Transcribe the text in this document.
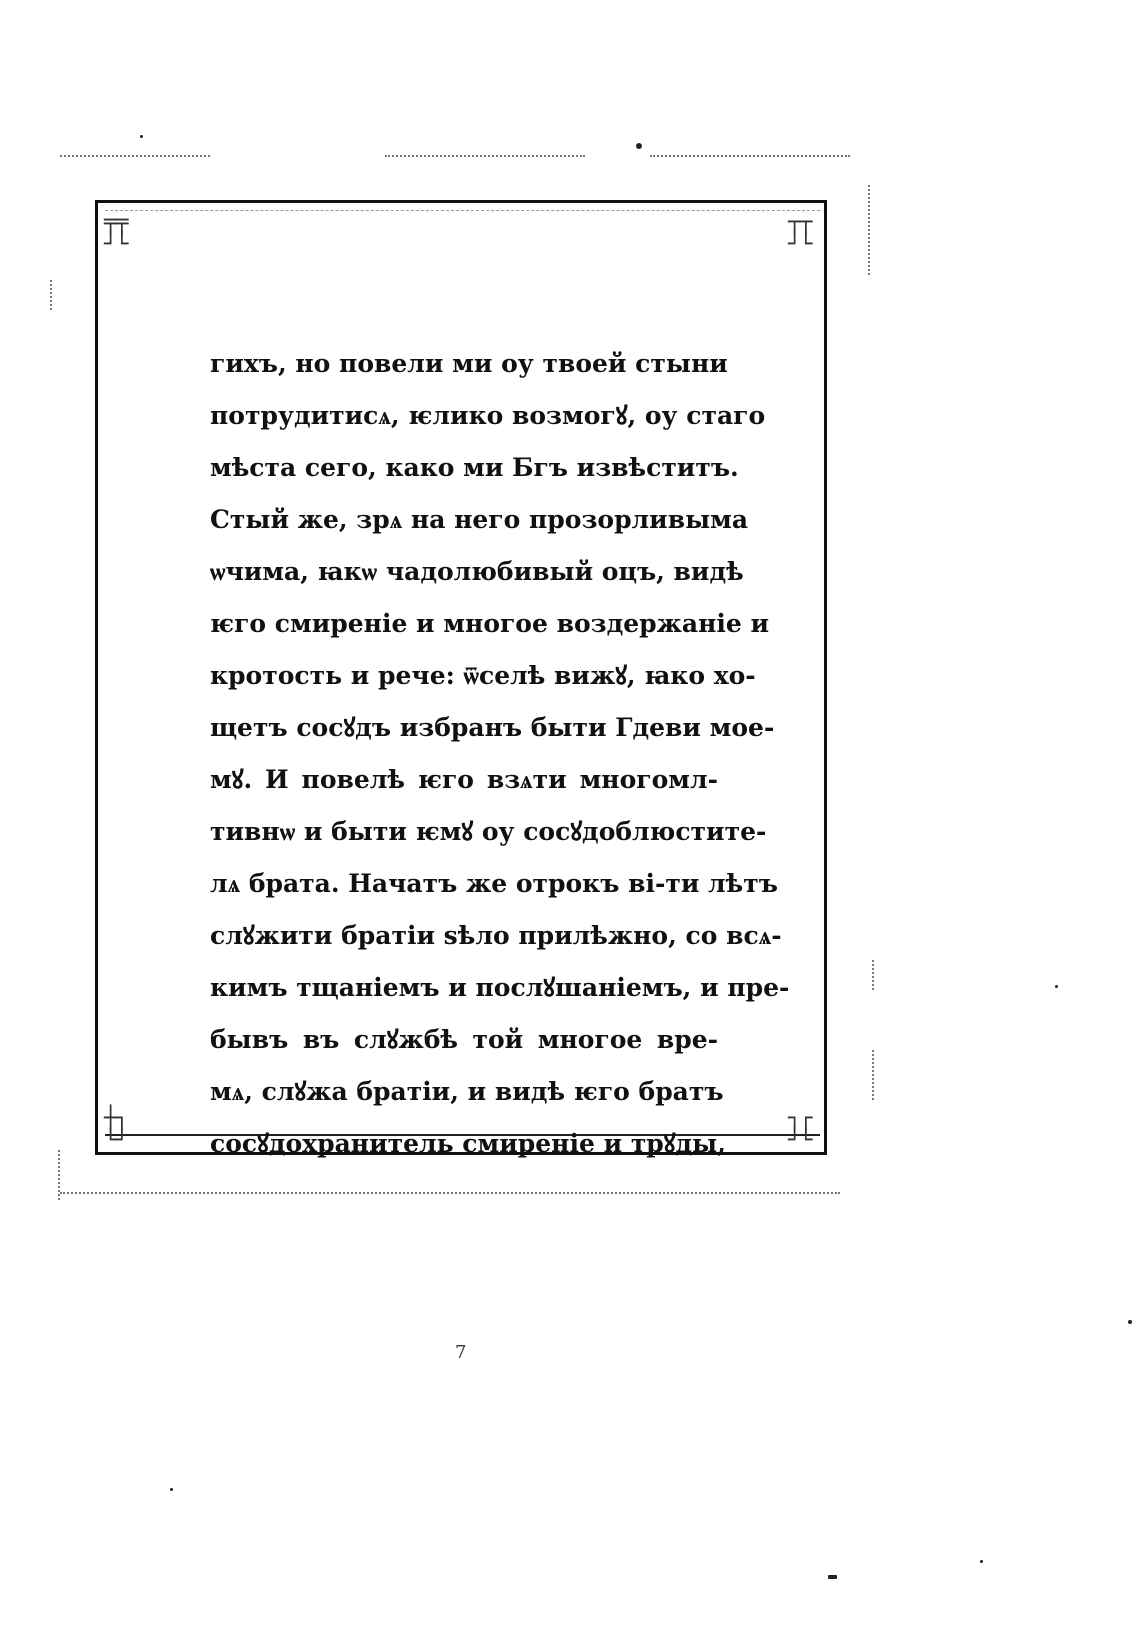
╤╤
┘└
┬┬
┘└
┼┐
└┘
┐┌
┘└
гихъ, но повели ми оу твоей стыни
потрудитисѧ, ѥлико возмогꙋ, оу стаго
мѣста сего, како ми Бгъ извѣститъ.
Стый же, зрѧ на него прозорливыма
ѡчима, ꙗкѡ чадолюбивый оцъ, видѣ
ѥго смиреніе и многое воздержаніе и
кротость и рече: ѿселѣ вижꙋ, ꙗко хо-
щетъ сосꙋдъ избранъ быти Гдеви мое-
мꙋ. И повелѣ ѥго взѧти многомл-
тивнѡ и быти ѥмꙋ оу сосꙋдоблюстите-
лѧ брата. Начатъ же отрокъ ві-ти лѣтъ
слꙋжити братіи ѕѣло прилѣжно, со всѧ-
кимъ тщаніемъ и послꙋшаніемъ, и пре-
бывъ въ слꙋжбѣ той многое вре-
мѧ, слꙋжа братіи, и видѣ ѥго братъ
сосꙋдохранитель смиреніе и трꙋды,
7
